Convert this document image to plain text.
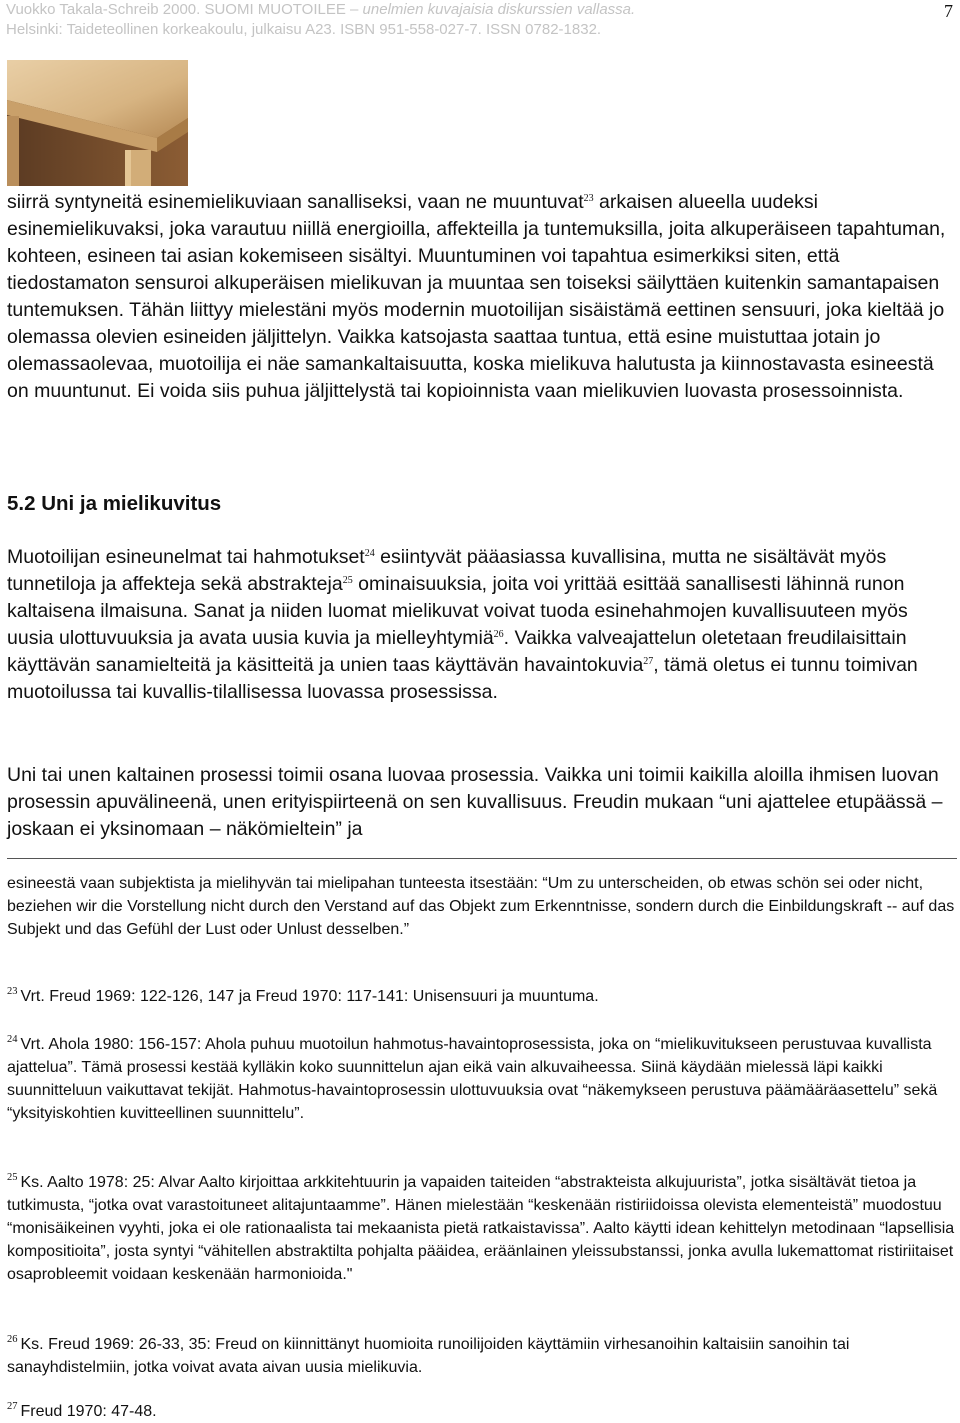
Vuokko Takala-Schreib 2000. SUOMI MUOTOILEE – unelmien kuvajaisia diskurssien vallassa.
Helsinki: Taideteollinen korkeakoulu, julkaisu A23. ISBN 951-558-027-7. ISSN 0782-1832.
7

siirrä syntyneitä esinemielikuviaan sanalliseksi, vaan ne muuntuvat$^{23}$ arkaisen alueella uudeksi esinemielikuvaksi, joka varautuu niillä energioilla, affekteilla ja tuntemuksilla, joita alkuperäiseen tapahtuman, kohteen, esineen tai asian kokemiseen sisältyi. Muuntuminen voi tapahtua esimerkiksi siten, että tiedostamaton sensuroi alkuperäisen mielikuvan ja muuntaa sen toiseksi säilyttäen kuitenkin samantapaisen tuntemuksen. Tähän liittyy mielestäni myös modernin muotoilijan sisäistämä eettinen sensuuri, joka kieltää jo olemassa olevien esineiden jäljittelyn. Vaikka katsojasta saattaa tuntua, että esine muistuttaa jotain jo olemassaolevaa, muotoilija ei näe samankaltaisuutta, koska mielikuva halutusta ja kiinnostavasta esineestä on muuntunut. Ei voida siis puhua jäljittelystä tai kopioinnista vaan mielikuvien luovasta prosessoinnista.

5.2 Uni ja mielikuvitus

Muotoilijan esineunelmat tai hahmotukset$^{24}$ esiintyvät pääasiassa kuvallisina, mutta ne sisältävät myös tunnetiloja ja affekteja sekä abstrakteja$^{25}$ ominaisuuksia, joita voi yrittää esittää sanallisesti lähinnä runon kaltaisena ilmaisuna. Sanat ja niiden luomat mielikuvat voivat tuoda esinehahmojen kuvallisuuteen myös uusia ulottuvuuksia ja avata uusia kuvia ja mielleyhtymiä$^{26}$. Vaikka valveajattelun oletetaan freudilaisittain käyttävän sanamielteitä ja käsitteitä ja unien taas käyttävän havaintokuvia$^{27}$, tämä oletus ei tunnu toimivan muotoilussa tai kuvallis-tilallisessa luovassa prosessissa.

Uni tai unen kaltainen prosessi toimii osana luovaa prosessia. Vaikka uni toimii kaikilla aloilla ihmisen luovan prosessin apuvälineenä, unen erityispiirteenä on sen kuvallisuus. Freudin mukaan “uni ajattelee etupäässä – joskaan ei yksinomaan – näkömieltein” ja

esineestä vaan subjektista ja mielihyvän tai mielipahan tunteesta itsestään: “Um zu unterscheiden, ob etwas schön sei oder nicht, beziehen wir die Vorstellung nicht durch den Verstand auf das Objekt zum Erkenntnisse, sondern durch die Einbildungskraft -- auf das Subjekt und das Gefühl der Lust oder Unlust desselben.”

$^{23}$ Vrt. Freud 1969: 122-126, 147 ja Freud 1970: 117-141: Unisensuuri ja muuntuma.

$^{24}$ Vrt. Ahola 1980: 156-157: Ahola puhuu muotoilun hahmotus-havaintoprosessista, joka on “mielikuvitukseen perustuvaa kuvallista ajattelua”. Tämä prosessi kestää kylläkin koko suunnittelun ajan eikä vain alkuvaiheessa. Siinä käydään mielessä läpi kaikki suunnitteluun vaikuttavat tekijät. Hahmotus-havaintoprosessin ulottuvuuksia ovat “näkemykseen perustuva päämääräasettelu” sekä “yksityiskohtien kuvitteellinen suunnittelu”.

$^{25}$ Ks. Aalto 1978: 25: Alvar Aalto kirjoittaa arkkitehtuurin ja vapaiden taiteiden “abstrakteista alkujuurista”, jotka sisältävät tietoa ja tutkimusta, “jotka ovat varastoituneet alitajuntaamme”. Hänen mielestään “keskenään ristiriidoissa olevista elementeistä” muodostuu “monisäikeinen vyyhti, joka ei ole rationaalista tai mekaanista pietä ratkaistavissa”. Aalto käytti idean kehittelyn metodinaan “lapsellisia kompositioita”, josta syntyi “vähitellen abstraktilta pohjalta pääidea, eräänlainen yleissubstanssi, jonka avulla lukemattomat ristiriitaiset osaprobleemit voidaan keskenään harmonioida."

$^{26}$ Ks. Freud 1969: 26-33, 35: Freud on kiinnittänyt huomioita runoilijoiden käyttämiin virhesanoihin kaltaisiin sanoihin tai sanayhdistelmiin, jotka voivat avata aivan uusia mielikuvia.

$^{27}$ Freud 1970: 47-48.
